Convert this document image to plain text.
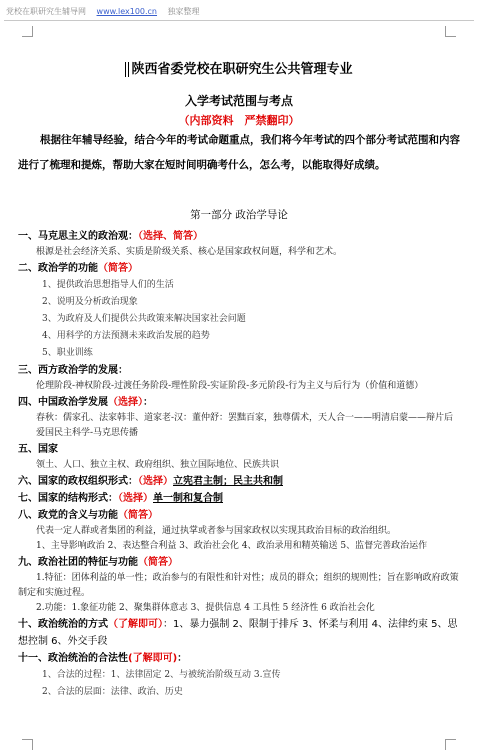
党校在职研究生辅导网 www.lex100.cn 独家整理
陕西省委党校在职研究生公共管理专业
入学考试范围与考点
（内部资料　严禁翻印）
根据往年辅导经验，结合今年的考试命题重点，我们将今年考试的四个部分考试范围和内容进行了梳理和提炼，帮助大家在短时间明确考什么，怎么考，以能取得好成绩。
第一部分 政治学导论
一、马克思主义的政治观：（选择、简答）
根源是社会经济关系、实质是阶级关系、核心是国家政权问题，科学和艺术。
二、政治学的功能（简答）
1、提供政治思想指导人们的生活
2、说明及分析政治现象
3、为政府及人们提供公共政策来解决国家社会问题
4、用科学的方法预测未来政治发展的趋势
5、职业训练
三、西方政治学的发展：
伦理阶段-神权阶段-过渡任务阶段-理性阶段-实证阶段-多元阶段-行为主义与后行为（价值和道德）
四、中国政治学发展（选择）：
春秋：儒家孔、法家韩非、道家老-汉：董仲舒：罢黜百家，独尊儒术，天人合一——明清启蒙——辩片后爱国民主科学-马克思传播
五、国家
领土、人口、独立主权、政府组织、独立国际地位、民族共识
六、国家的政权组织形式：（选择）立宪君主制；民主共和制
七、国家的结构形式：（选择）单一制和复合制
八、政党的含义与功能（简答）
代表一定人群或者集团的利益，通过执掌或者参与国家政权以实现其政治目标的政治组织。
1、主导影响政治 2、表达整合利益 3、政治社会化 4、政治录用和精英输送 5、监督完善政治运作
九、政治社团的特征与功能（简答）
1.特征：团体利益的单一性；政治参与的有限性和针对性；成员的群众；组织的规则性；旨在影响政府政策制定和实施过程。
2.功能：1.象征功能 2、聚集群体意志 3、提供信息 4 工具性 5 经济性 6 政治社会化
十、政治统治的方式（了解即可）：1、暴力强制 2、限制于排斥 3、怀柔与利用 4、法律约束 5、思想控制 6、外交手段
十一、政治统治的合法性(了解即可)：
1、合法的过程：1、法律固定 2、与被统治阶级互动 3.宣传
2、合法的层面：法律、政治、历史
